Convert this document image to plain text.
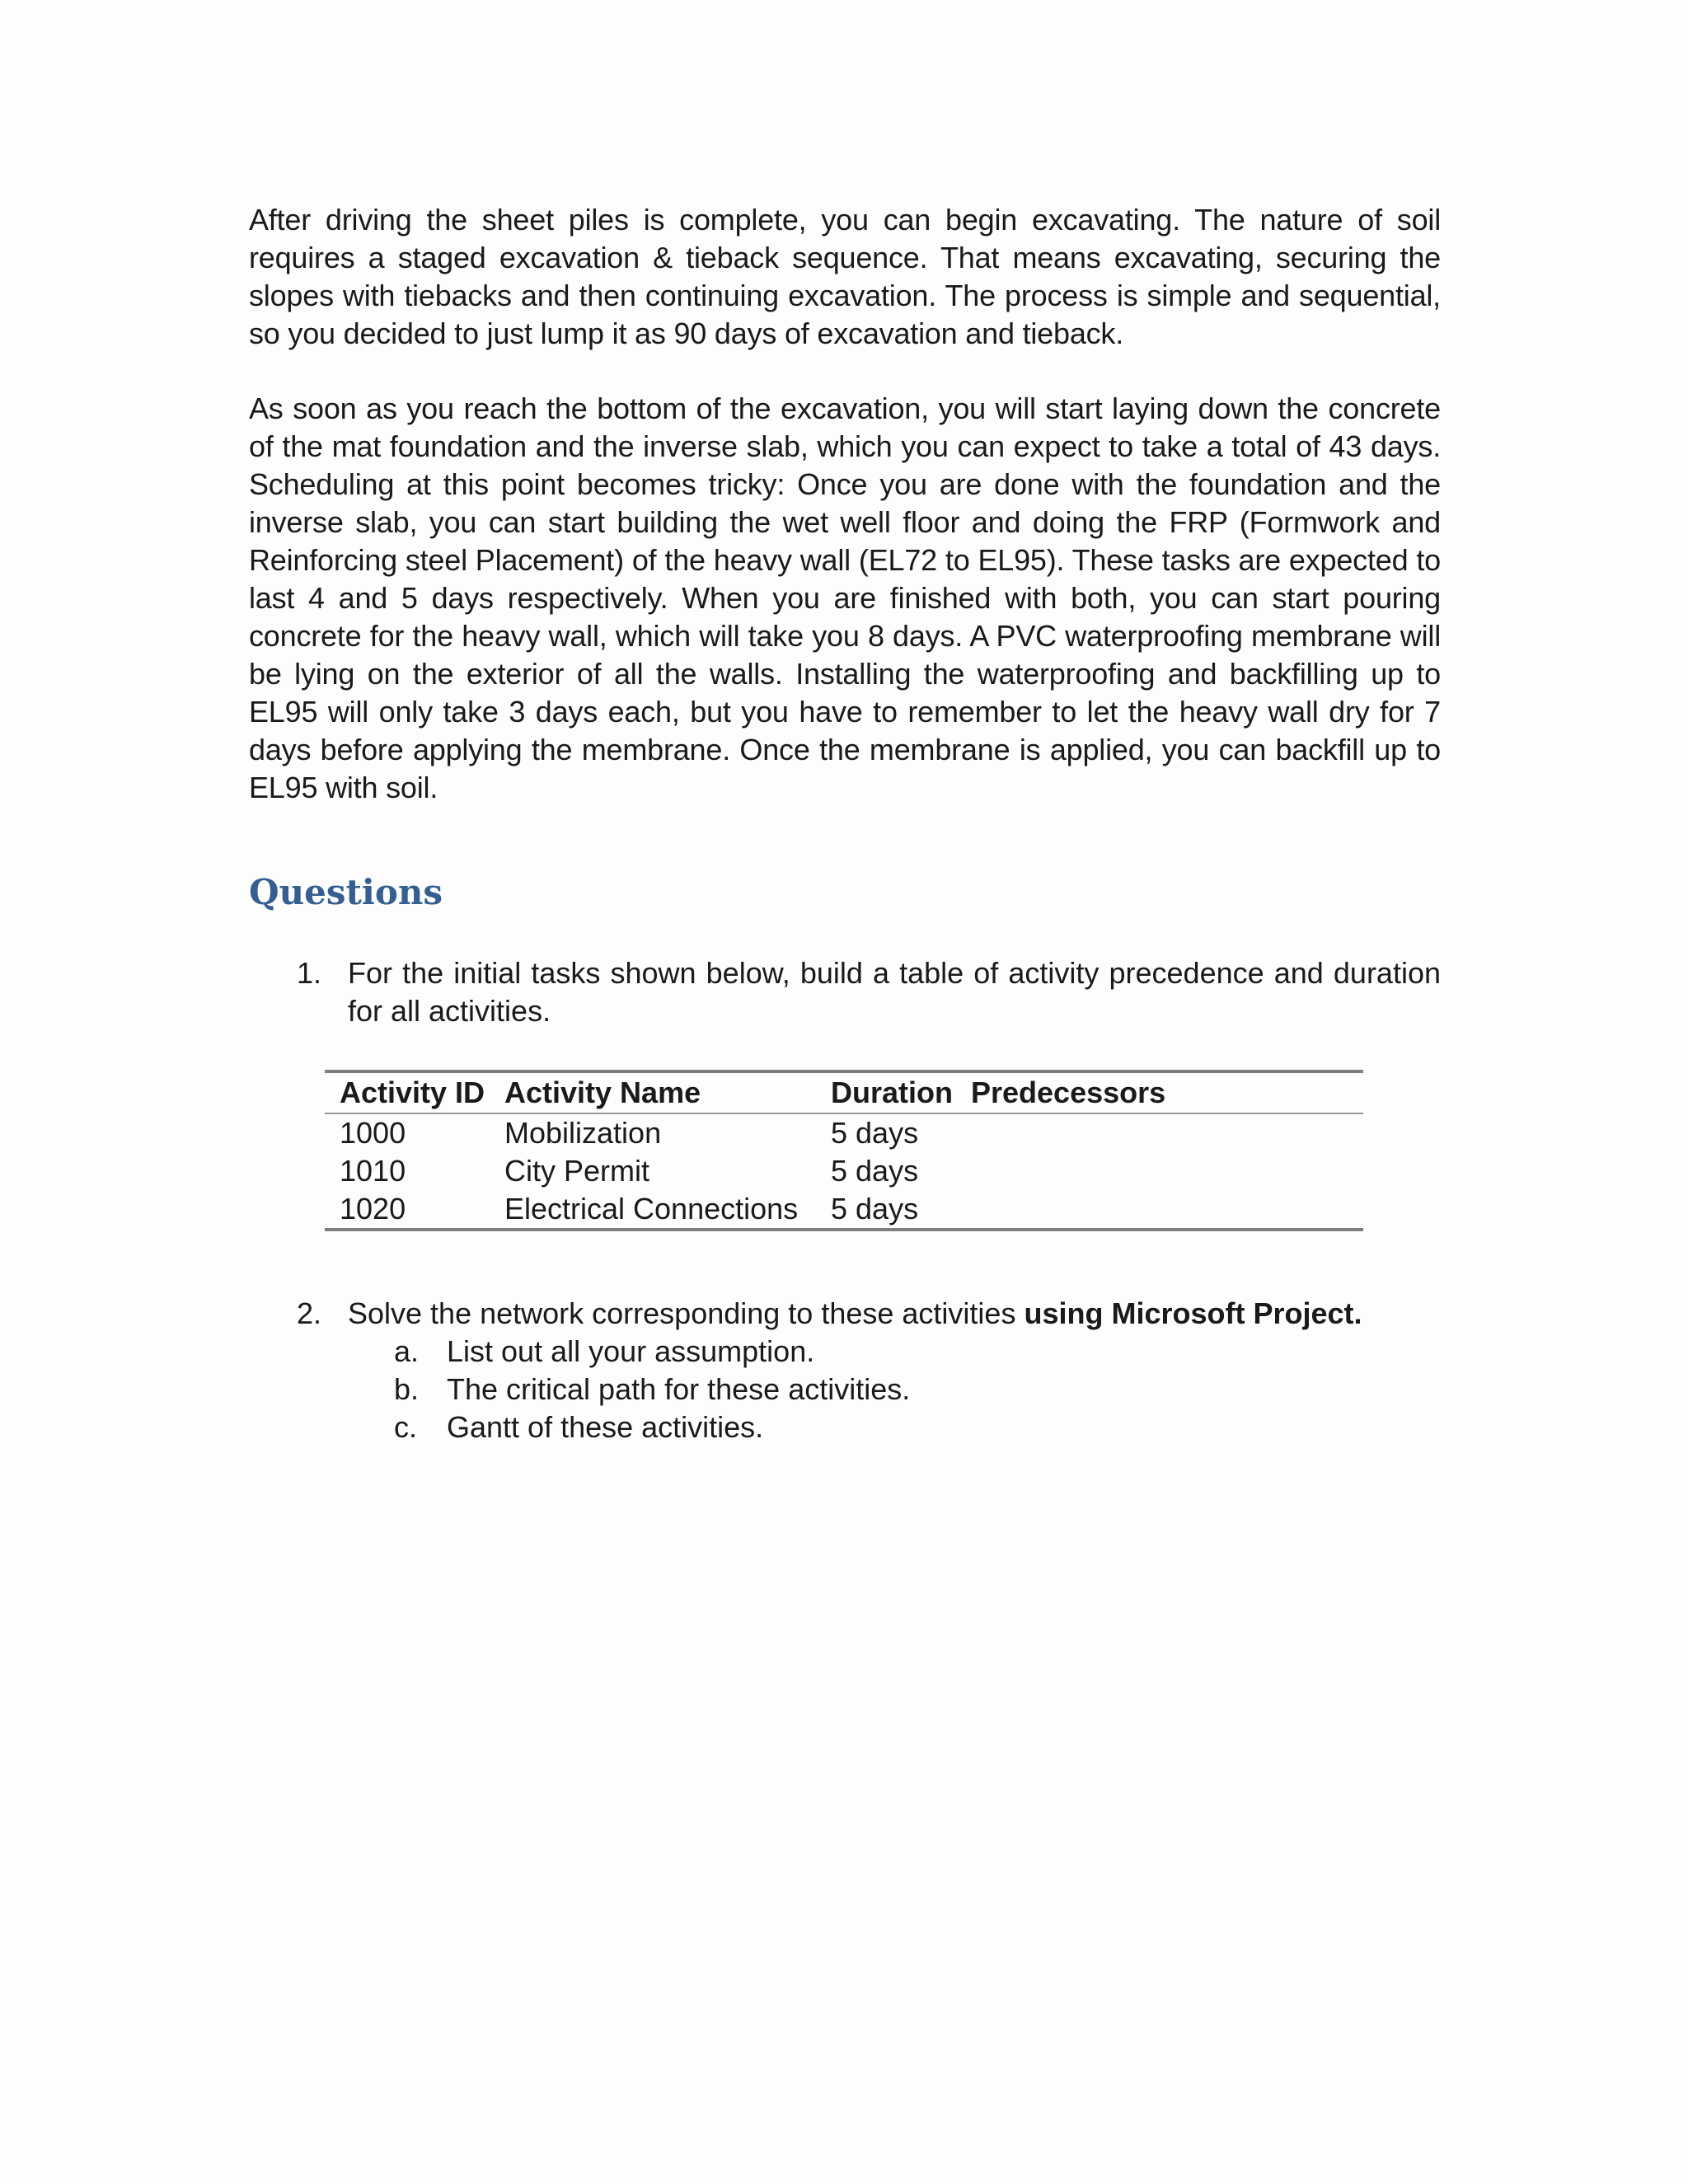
After driving the sheet piles is complete, you can begin excavating. The nature of soil requires a staged excavation & tieback sequence. That means excavating, securing the slopes with tiebacks and then continuing excavation. The process is simple and sequential, so you decided to just lump it as 90 days of excavation and tieback.

As soon as you reach the bottom of the excavation, you will start laying down the concrete of the mat foundation and the inverse slab, which you can expect to take a total of 43 days. Scheduling at this point becomes tricky: Once you are done with the foundation and the inverse slab, you can start building the wet well floor and doing the FRP (Formwork and Reinforcing steel Placement) of the heavy wall (EL72 to EL95). These tasks are expected to last 4 and 5 days respectively. When you are finished with both, you can start pouring concrete for the heavy wall, which will take you 8 days. A PVC waterproofing membrane will be lying on the exterior of all the walls. Installing the waterproofing and backfilling up to EL95 will only take 3 days each, but you have to remember to let the heavy wall dry for 7 days before applying the membrane. Once the membrane is applied, you can backfill up to EL95 with soil.

Questions
1. For the initial tasks shown below, build a table of activity precedence and duration for all activities.
Activity ID	Activity Name	Duration	Predecessors
1000	Mobilization	5 days	
1010	City Permit	5 days	
1020	Electrical Connections	5 days	
2. Solve the network corresponding to these activities using Microsoft Project.
a. List out all your assumption.
b. The critical path for these activities.
c. Gantt of these activities.
